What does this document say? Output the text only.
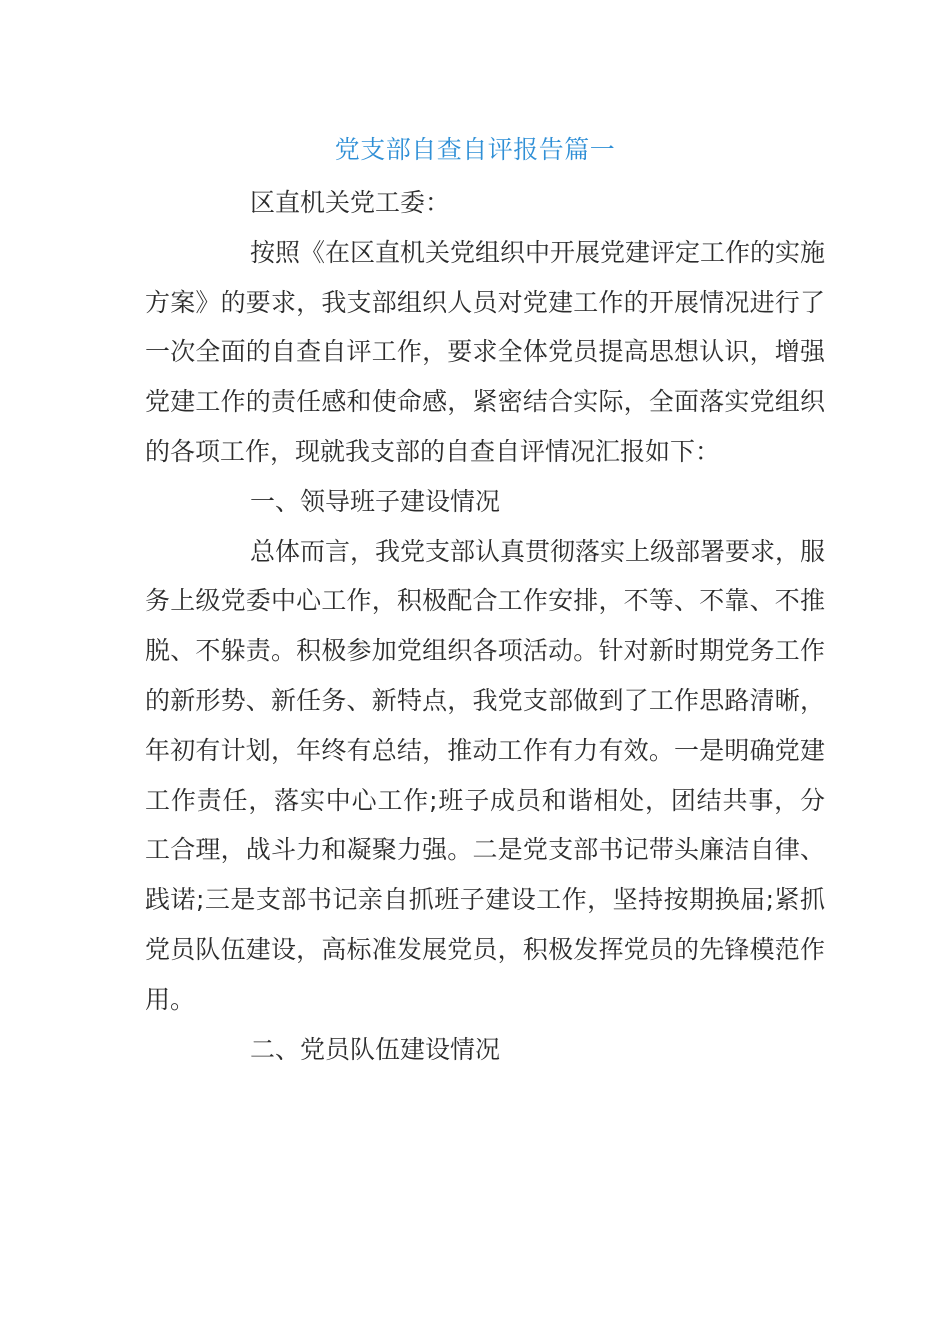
党支部自查自评报告篇一

区直机关党工委：

按照《在区直机关党组织中开展党建评定工作的实施方案》的要求，我支部组织人员对党建工作的开展情况进行了一次全面的自查自评工作，要求全体党员提高思想认识，增强党建工作的责任感和使命感，紧密结合实际，全面落实党组织的各项工作，现就我支部的自查自评情况汇报如下：

一、领导班子建设情况

总体而言，我党支部认真贯彻落实上级部署要求，服务上级党委中心工作，积极配合工作安排，不等、不靠、不推脱、不躲责。积极参加党组织各项活动。针对新时期党务工作的新形势、新任务、新特点，我党支部做到了工作思路清晰，年初有计划，年终有总结，推动工作有力有效。一是明确党建工作责任，落实中心工作;班子成员和谐相处，团结共事，分工合理，战斗力和凝聚力强。二是党支部书记带头廉洁自律、践诺;三是支部书记亲自抓班子建设工作，坚持按期换届;紧抓党员队伍建设，高标准发展党员，积极发挥党员的先锋模范作用。

二、党员队伍建设情况
